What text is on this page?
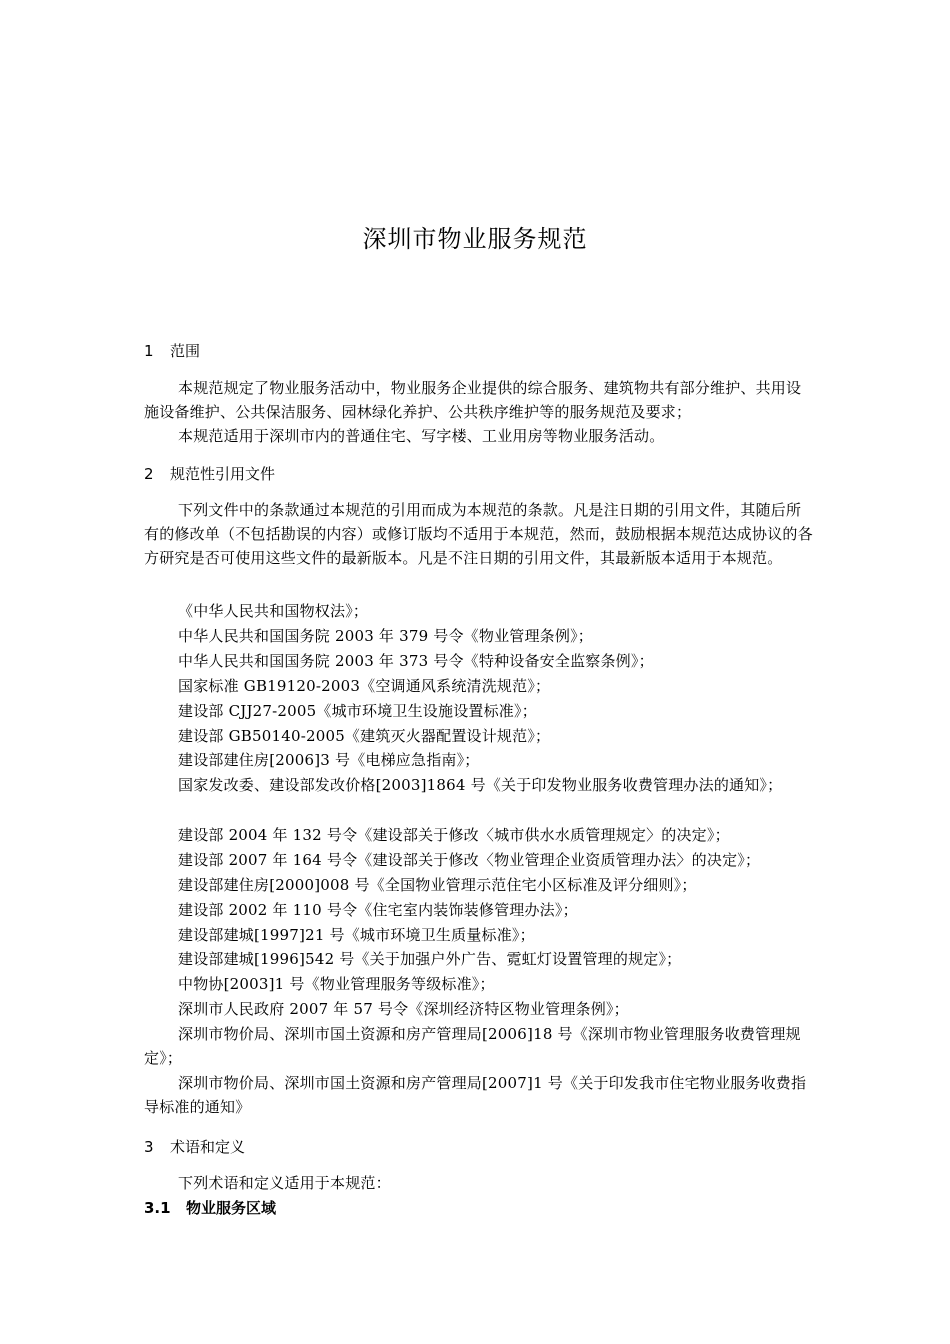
深圳市物业服务规范
1 范围
本规范规定了物业服务活动中，物业服务企业提供的综合服务、建筑物共有部分维护、共用设施设备维护、公共保洁服务、园林绿化养护、公共秩序维护等的服务规范及要求；
本规范适用于深圳市内的普通住宅、写字楼、工业用房等物业服务活动。
2 规范性引用文件
下列文件中的条款通过本规范的引用而成为本规范的条款。凡是注日期的引用文件，其随后所有的修改单（不包括勘误的内容）或修订版均不适用于本规范，然而，鼓励根据本规范达成协议的各方研究是否可使用这些文件的最新版本。凡是不注日期的引用文件，其最新版本适用于本规范。
《中华人民共和国物权法》；
中华人民共和国国务院 2003 年 379 号令《物业管理条例》；
中华人民共和国国务院 2003 年 373 号令《特种设备安全监察条例》；
国家标准 GB19120-2003《空调通风系统清洗规范》；
建设部 CJJ27-2005《城市环境卫生设施设置标准》；
建设部 GB50140-2005《建筑灭火器配置设计规范》；
建设部建住房[2006]3 号《电梯应急指南》；
国家发改委、建设部发改价格[2003]1864 号《关于印发物业服务收费管理办法的通知》；
建设部 2004 年 132 号令《建设部关于修改〈城市供水水质管理规定〉的决定》；
建设部 2007 年 164 号令《建设部关于修改〈物业管理企业资质管理办法〉的决定》；
建设部建住房[2000]008 号《全国物业管理示范住宅小区标准及评分细则》；
建设部 2002 年 110 号令《住宅室内装饰装修管理办法》；
建设部建城[1997]21 号《城市环境卫生质量标准》；
建设部建城[1996]542 号《关于加强户外广告、霓虹灯设置管理的规定》；
中物协[2003]1 号《物业管理服务等级标准》；
深圳市人民政府 2007 年 57 号令《深圳经济特区物业管理条例》；
深圳市物价局、深圳市国土资源和房产管理局[2006]18 号《深圳市物业管理服务收费管理规定》；
深圳市物价局、深圳市国土资源和房产管理局[2007]1 号《关于印发我市住宅物业服务收费指导标准的通知》
3 术语和定义
下列术语和定义适用于本规范：
3.1 物业服务区域
